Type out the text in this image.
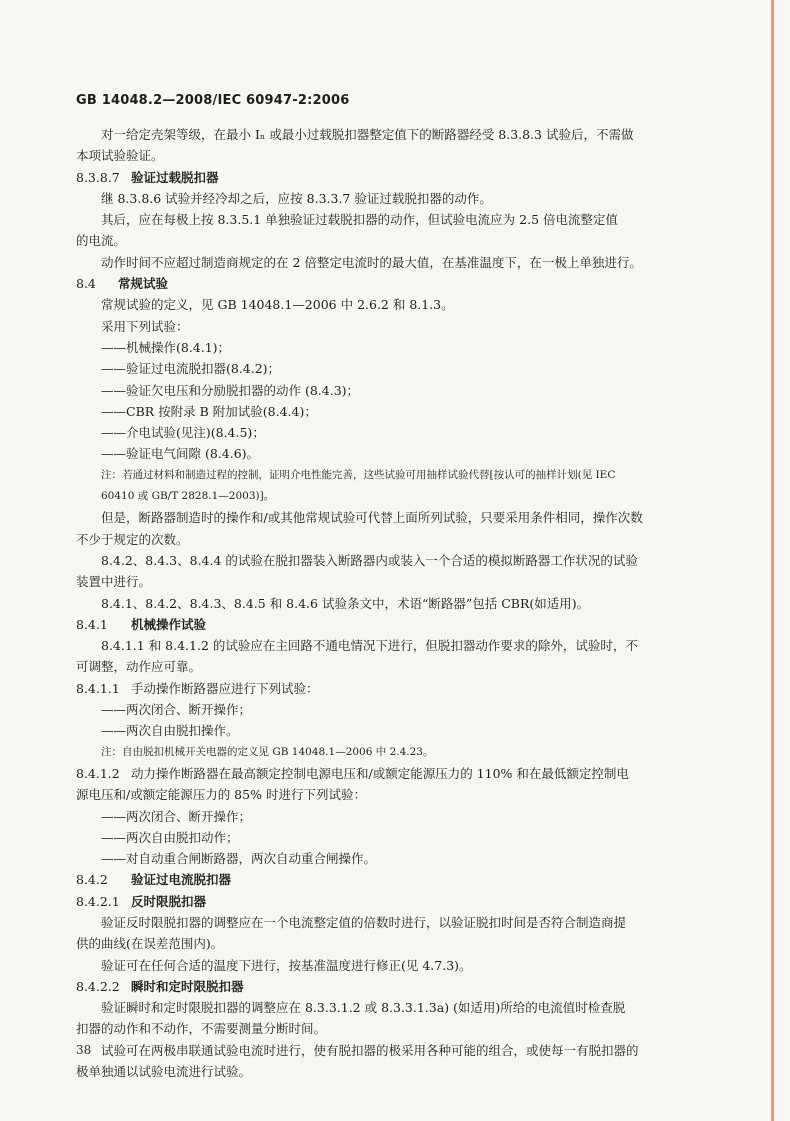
GB 14048.2—2008/IEC 60947-2:2006
对一给定壳架等级，在最小 Iₙ 或最小过载脱扣器整定值下的断路器经受 8.3.8.3 试验后，不需做
本项试验验证。
8.3.8.7 验证过载脱扣器
继 8.3.8.6 试验并经冷却之后，应按 8.3.3.7 验证过载脱扣器的动作。
其后，应在每极上按 8.3.5.1 单独验证过载脱扣器的动作，但试验电流应为 2.5 倍电流整定值
的电流。
动作时间不应超过制造商规定的在 2 倍整定电流时的最大值，在基准温度下，在一极上单独进行。
8.4 常规试验
常规试验的定义，见 GB 14048.1—2006 中 2.6.2 和 8.1.3。
采用下列试验：
——机械操作(8.4.1)；
——验证过电流脱扣器(8.4.2)；
——验证欠电压和分励脱扣器的动作 (8.4.3)；
——CBR 按附录 B 附加试验(8.4.4)；
——介电试验(见注)(8.4.5)；
——验证电气间隙 (8.4.6)。
注：若通过材料和制造过程的控制，证明介电性能完善，这些试验可用抽样试验代替[按认可的抽样计划(见 IEC
60410 或 GB/T 2828.1—2003)]。
但是，断路器制造时的操作和/或其他常规试验可代替上面所列试验，只要采用条件相同，操作次数
不少于规定的次数。
8.4.2、8.4.3、8.4.4 的试验在脱扣器装入断路器内或装入一个合适的模拟断路器工作状况的试验
装置中进行。
8.4.1、8.4.2、8.4.3、8.4.5 和 8.4.6 试验条文中，术语“断路器”包括 CBR(如适用)。
8.4.1 机械操作试验
8.4.1.1 和 8.4.1.2 的试验应在主回路不通电情况下进行，但脱扣器动作要求的除外，试验时，不
可调整，动作应可靠。
8.4.1.1 手动操作断路器应进行下列试验：
——两次闭合、断开操作；
——两次自由脱扣操作。
注：自由脱扣机械开关电器的定义见 GB 14048.1—2006 中 2.4.23。
8.4.1.2 动力操作断路器在最高额定控制电源电压和/或额定能源压力的 110% 和在最低额定控制电
源电压和/或额定能源压力的 85% 时进行下列试验：
——两次闭合、断开操作；
——两次自由脱扣动作；
——对自动重合闸断路器，两次自动重合闸操作。
8.4.2 验证过电流脱扣器
8.4.2.1 反时限脱扣器
验证反时限脱扣器的调整应在一个电流整定值的倍数时进行，以验证脱扣时间是否符合制造商提
供的曲线(在误差范围内)。
验证可在任何合适的温度下进行，按基准温度进行修正(见 4.7.3)。
8.4.2.2 瞬时和定时限脱扣器
验证瞬时和定时限脱扣器的调整应在 8.3.3.1.2 或 8.3.3.1.3a) (如适用)所给的电流值时检查脱
扣器的动作和不动作，不需要测量分断时间。
试验可在两极串联通试验电流时进行，使有脱扣器的极采用各种可能的组合，或使每一有脱扣器的
极单独通以试验电流进行试验。
38
